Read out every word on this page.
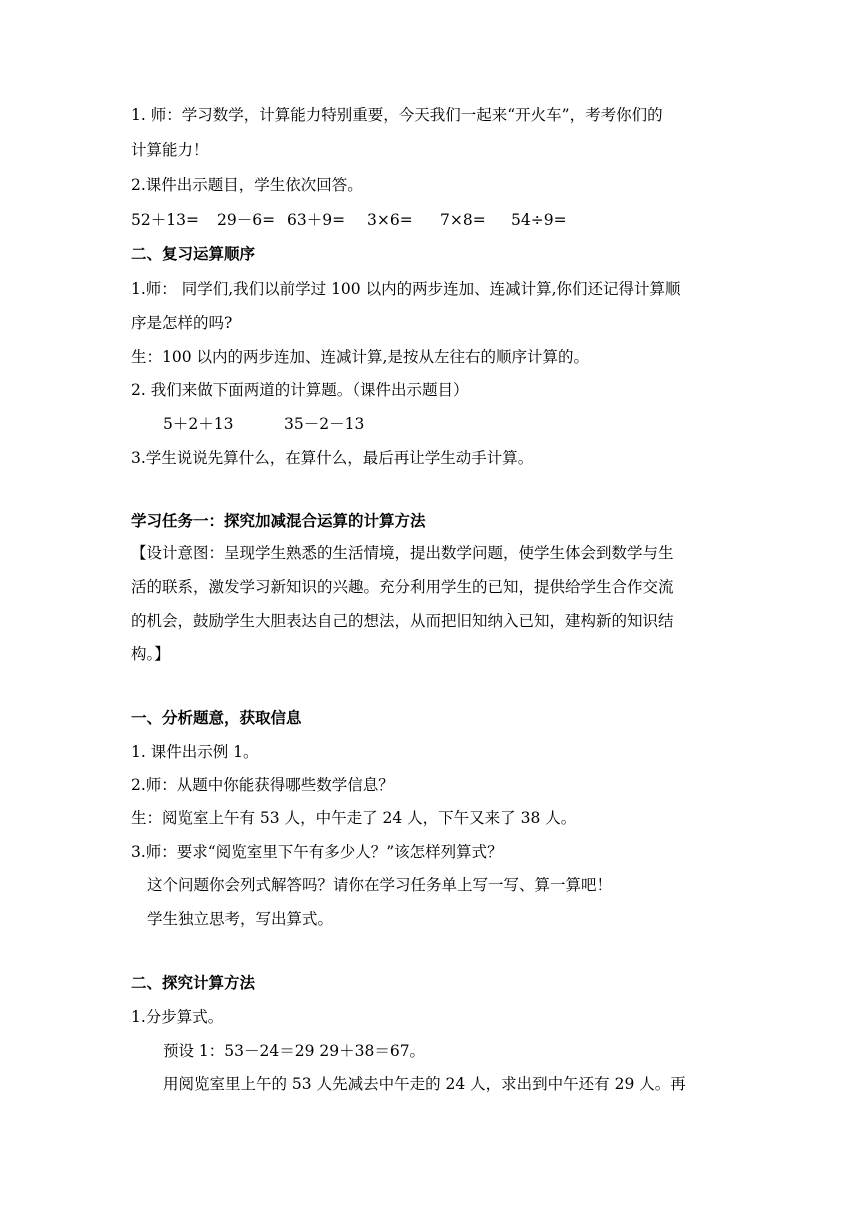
1. 师：学习数学，计算能力特别重要，今天我们一起来“开火车”，考考你们的
计算能力！
2.课件出示题目，学生依次回答。
52＋13= 29－6= 63＋9= 3×6= 7×8= 54÷9=
二、复习运算顺序
1.师： 同学们,我们以前学过 100 以内的两步连加、连减计算,你们还记得计算顺
序是怎样的吗?
生：100 以内的两步连加、连减计算,是按从左往右的顺序计算的。
2. 我们来做下面两道的计算题。（课件出示题目）
5＋2＋13	35－2－13
3.学生说说先算什么，在算什么，最后再让学生动手计算。
学习任务一：探究加减混合运算的计算方法
【设计意图：呈现学生熟悉的生活情境，提出数学问题，使学生体会到数学与生
活的联系，激发学习新知识的兴趣。充分利用学生的已知，提供给学生合作交流
的机会，鼓励学生大胆表达自己的想法，从而把旧知纳入已知，建构新的知识结
构。】
一、分析题意，获取信息
1. 课件出示例 1。
2.师：从题中你能获得哪些数学信息？
生：阅览室上午有 53 人，中午走了 24 人，下午又来了 38 人。
3.师：要求“阅览室里下午有多少人？”该怎样列算式？
这个问题你会列式解答吗？请你在学习任务单上写一写、算一算吧！
学生独立思考，写出算式。
二、探究计算方法
1.分步算式。
预设 1：53－24＝29 29＋38＝67。
用阅览室里上午的 53 人先减去中午走的 24 人，求出到中午还有 29 人。再
